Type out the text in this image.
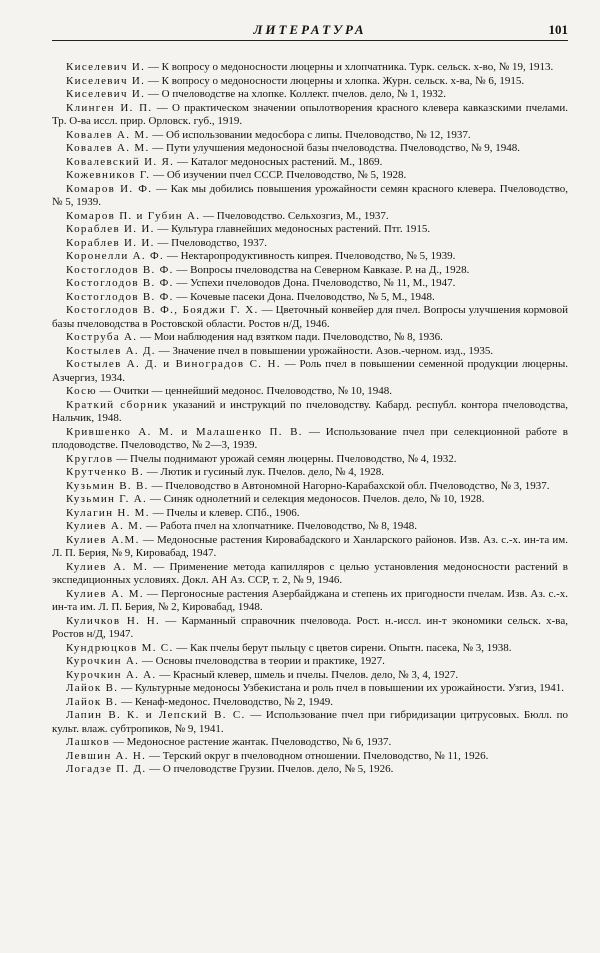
ЛИТЕРАТУРА	101
Киселевич И. — К вопросу о медоносности люцерны и хлопчатника. Турк. сельск. х-во, № 19, 1913.
Киселевич И. — К вопросу о медоносности люцерны и хлопка. Журн. сельск. х-ва, № 6, 1915.
Киселевич И. — О пчеловодстве на хлопке. Коллект. пчелов. дело, № 1, 1932.
Клинген И. П. — О практическом значении опылотворения красного клевера кавказскими пчелами. Тр. О-ва иссл. прир. Орловск. губ., 1919.
Ковалев А. М. — Об использовании медосбора с липы. Пчеловодство, № 12, 1937.
Ковалев А. М. — Пути улучшения медоносной базы пчеловодства. Пчеловодство, № 9, 1948.
Ковалевский И. Я. — Каталог медоносных растений. М., 1869.
Кожевников Г. — Об изучении пчел СССР. Пчеловодство, № 5, 1928.
Комаров И. Ф. — Как мы добились повышения урожайности семян красного клевера. Пчеловодство, № 5, 1939.
Комаров П. и Губин А. — Пчеловодство. Сельхозгиз, М., 1937.
Кораблев И. И. — Культура главнейших медоносных растений. Птг. 1915.
Кораблев И. И. — Пчеловодство, 1937.
Коронелли А. Ф. — Нектаропродуктивность кипрея. Пчеловодство, № 5, 1939.
Костоглодов В. Ф. — Вопросы пчеловодства на Северном Кавказе. Р. на Д., 1928.
Костоглодов В. Ф. — Успехи пчеловодов Дона. Пчеловодство, № 11, М., 1947.
Костоглодов В. Ф. — Кочевые пасеки Дона. Пчеловодство, № 5, М., 1948.
Костоглодов В. Ф., Бояджи Г. Х. — Цветочный конвейер для пчел. Вопросы улучшения кормовой базы пчеловодства в Ростовской области. Ростов н/Д, 1946.
Коструба А. — Мои наблюдения над взятком пади. Пчеловодство, № 8, 1936.
Костылев А. Д. — Значение пчел в повышении урожайности. Азов.-черном. изд., 1935.
Костылев А. Д. и Виноградов С. Н. — Роль пчел в повышении семенной продукции люцерны. Азчергиз, 1934.
Косю — Очитки — ценнейший медонос. Пчеловодство, № 10, 1948.
Краткий сборник указаний и инструкций по пчеловодству. Кабард. республ. контора пчеловодства, Нальчик, 1948.
Крившенко А. М. и Малашенко П. В. — Использование пчел при селекционной работе в плодоводстве. Пчеловодство, № 2—3, 1939.
Круглов — Пчелы поднимают урожай семян люцерны. Пчеловодство, № 4, 1932.
Крутченко В. — Лютик и гусиный лук. Пчелов. дело, № 4, 1928.
Кузьмин В. В. — Пчеловодство в Автономной Нагорно-Карабахской обл. Пчеловодство, № 3, 1937.
Кузьмин Г. А. — Синяк однолетний и селекция медоносов. Пчелов. дело, № 10, 1928.
Кулагин Н. М. — Пчелы и клевер. СПб., 1906.
Кулиев А. М. — Работа пчел на хлопчатнике. Пчеловодство, № 8, 1948.
Кулиев А.М. — Медоносные растения Кировабадского и Ханларского районов. Изв. Аз. с.-х. ин-та им. Л. П. Берия, № 9, Кировабад, 1947.
Кулиев А. М. — Применение метода капилляров с целью установления медоносности растений в экспедиционных условиях. Докл. АН Аз. ССР, т. 2, № 9, 1946.
Кулиев А. М. — Пергоносные растения Азербайджана и степень их пригодности пчелам. Изв. Аз. с.-х. ин-та им. Л. П. Берия, № 2, Кировабад, 1948.
Куличков Н. Н. — Карманный справочник пчеловода. Рост. н.-иссл. ин-т экономики сельск. х-ва, Ростов н/Д, 1947.
Кундрюцков М. С. — Как пчелы берут пыльцу с цветов сирени. Опытн. пасека, № 3, 1938.
Курочкин А. — Основы пчеловодства в теории и практике, 1927.
Курочкин А. А. — Красный клевер, шмель и пчелы. Пчелов. дело, № 3, 4, 1927.
Лайок В. — Культурные медоносы Узбекистана и роль пчел в повышении их урожайности. Узгиз, 1941.
Лайок В. — Кенаф-медонос. Пчеловодство, № 2, 1949.
Лапин В. К. и Лепский В. С. — Использование пчел при гибридизации цитрусовых. Бюлл. по культ. влаж. субтропиков, № 9, 1941.
Лашков — Медоносное растение жантак. Пчеловодство, № 6, 1937.
Левшин А. Н. — Терский округ в пчеловодном отношении. Пчеловодство, № 11, 1926.
Логадзе П. Д. — О пчеловодстве Грузии. Пчелов. дело, № 5, 1926.
